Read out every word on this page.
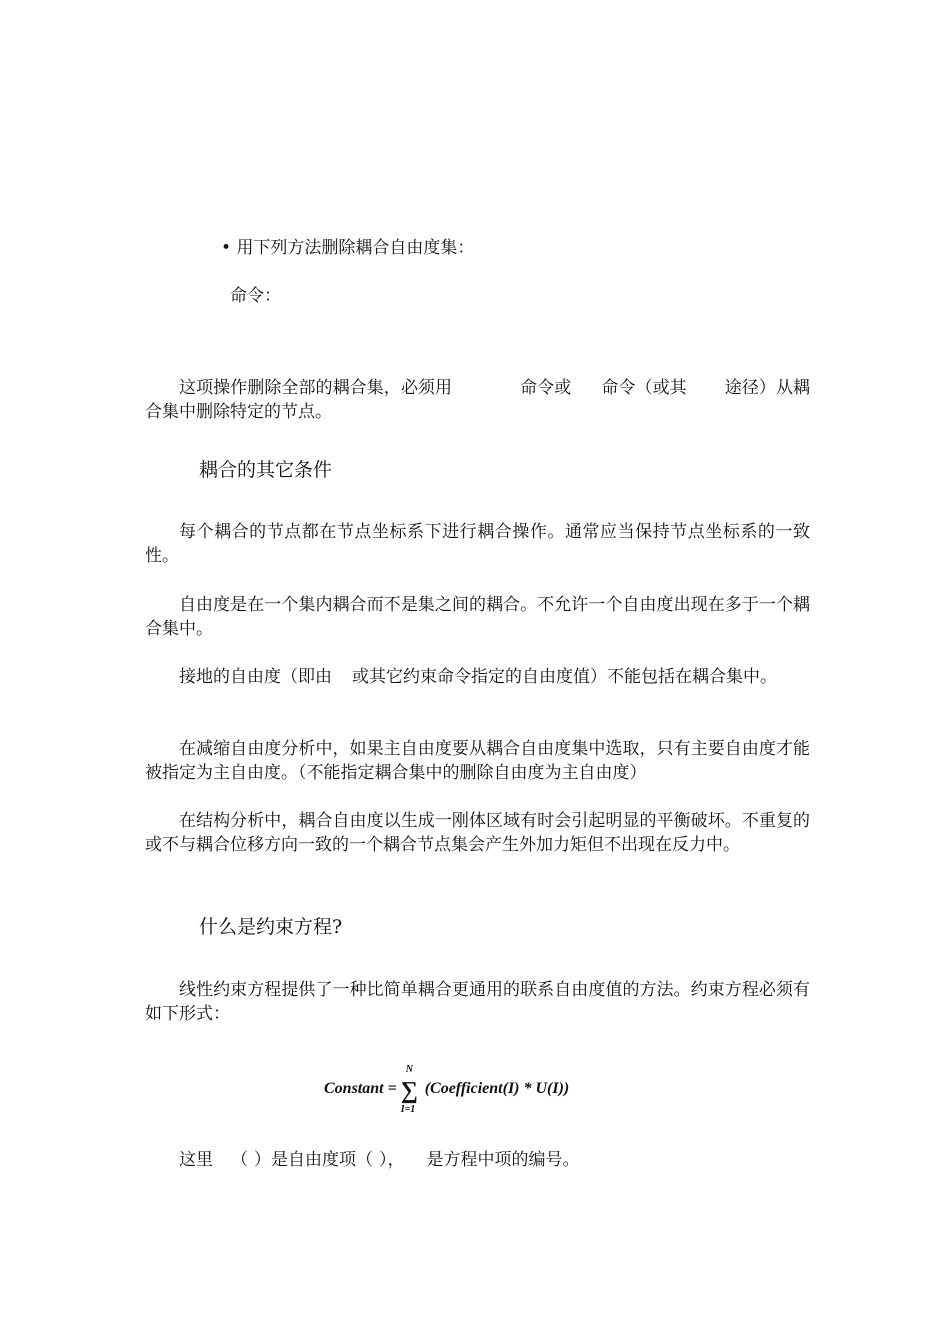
• 用下列方法删除耦合自由度集：
命令：
这项操作删除全部的耦合集，必须用	命令或 命令（或其 途径）从耦合集中删除特定的节点。
耦合的其它条件
每个耦合的节点都在节点坐标系下进行耦合操作。通常应当保持节点坐标系的一致性。
自由度是在一个集内耦合而不是集之间的耦合。不允许一个自由度出现在多于一个耦合集中。
接地的自由度（即由 或其它约束命令指定的自由度值）不能包括在耦合集中。
在减缩自由度分析中，如果主自由度要从耦合自由度集中选取，只有主要自由度才能被指定为主自由度。（不能指定耦合集中的删除自由度为主自由度）
在结构分析中，耦合自由度以生成一刚体区域有时会引起明显的平衡破坏。不重复的或不与耦合位移方向一致的一个耦合节点集会产生外加力矩但不出现在反力中。
什么是约束方程?
线性约束方程提供了一种比简单耦合更通用的联系自由度值的方法。约束方程必须有如下形式：
Constant =
N
∑
I=1
(Coefficient(I) * U(I))
这里 （ ）是自由度项（ ）， 是方程中项的编号。
